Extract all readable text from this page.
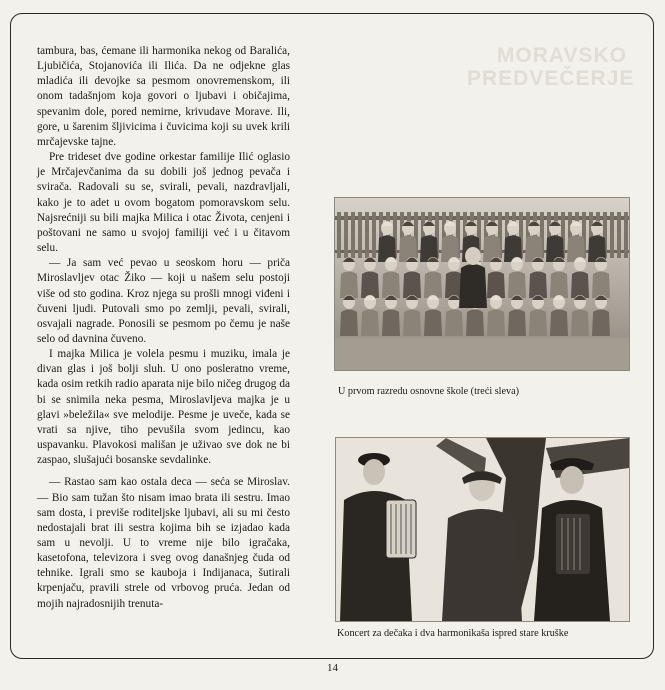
MORAVSKO
PREDVEČERJE

tambura, bas, ćemane ili harmonika nekog od Baralića, Ljubičića, Stojanovića ili Ilića. Da ne odjekne glas mladića ili devojke sa pesmom onovremenskom, ili onom tadašnjom koja govori o ljubavi i običajima, spevanim dole, pored nemirne, krivudave Morave. Ili, gore, u šarenim šljivicima i čuvicima koji su uvek krili mrčajevske tajne.

Pre trideset dve godine orkestar familije Ilić oglasio je Mrčajevčanima da su dobili još jednog pevača i svirača. Radovali su se, svirali, pevali, nazdravljali, kako je to adet u ovom bogatom pomoravskom selu. Najsrećniji su bili majka Milica i otac Života, cenjeni i poštovani ne samo u svojoj familiji već i u čitavom selu.

— Ja sam već pevao u seoskom horu — priča Miroslavljev otac Žiko — koji u našem selu postoji više od sto godina. Kroz njega su prošli mnogi viđeni i čuveni ljudi. Putovali smo po zemlji, pevali, svirali, osvajali nagrade. Ponosili se pesmom po čemu je naše selo od davnina čuveno.

I majka Milica je volela pesmu i muziku, imala je divan glas i još bolji sluh. U ono posleratno vreme, kada osim retkih radio aparata nije bilo ničeg drugog da bi se snimila neka pesma, Miroslavljeva majka je u glavi »beležila« sve melodije. Pesme je uveče, kada se vrati sa njive, tiho pevušila svom jedincu, kao uspavanku. Plavokosi mališan je uživao sve dok ne bi zaspao, slušajući bosanske sevdalinke.

— Rastao sam kao ostala deca — seća se Miroslav. — Bio sam tužan što nisam imao brata ili sestru. Imao sam dosta, i previše roditeljske ljubavi, ali su mi često nedostajali brat ili sestra kojima bih se izjadao kada sam u nevolji. U to vreme nije bilo igračaka, kasetofona, televizora i sveg ovog današnjeg čuda od tehnike. Igrali smo se kauboja i Indijanaca, šutirali krpenjaču, pravili strele od vrbovog pruća. Jedan od mojih najradosnijih trenuta-

U prvom razredu osnovne škole (treći sleva)
Koncert za dečaka i dva harmonikaša ispred stare kruške
14
